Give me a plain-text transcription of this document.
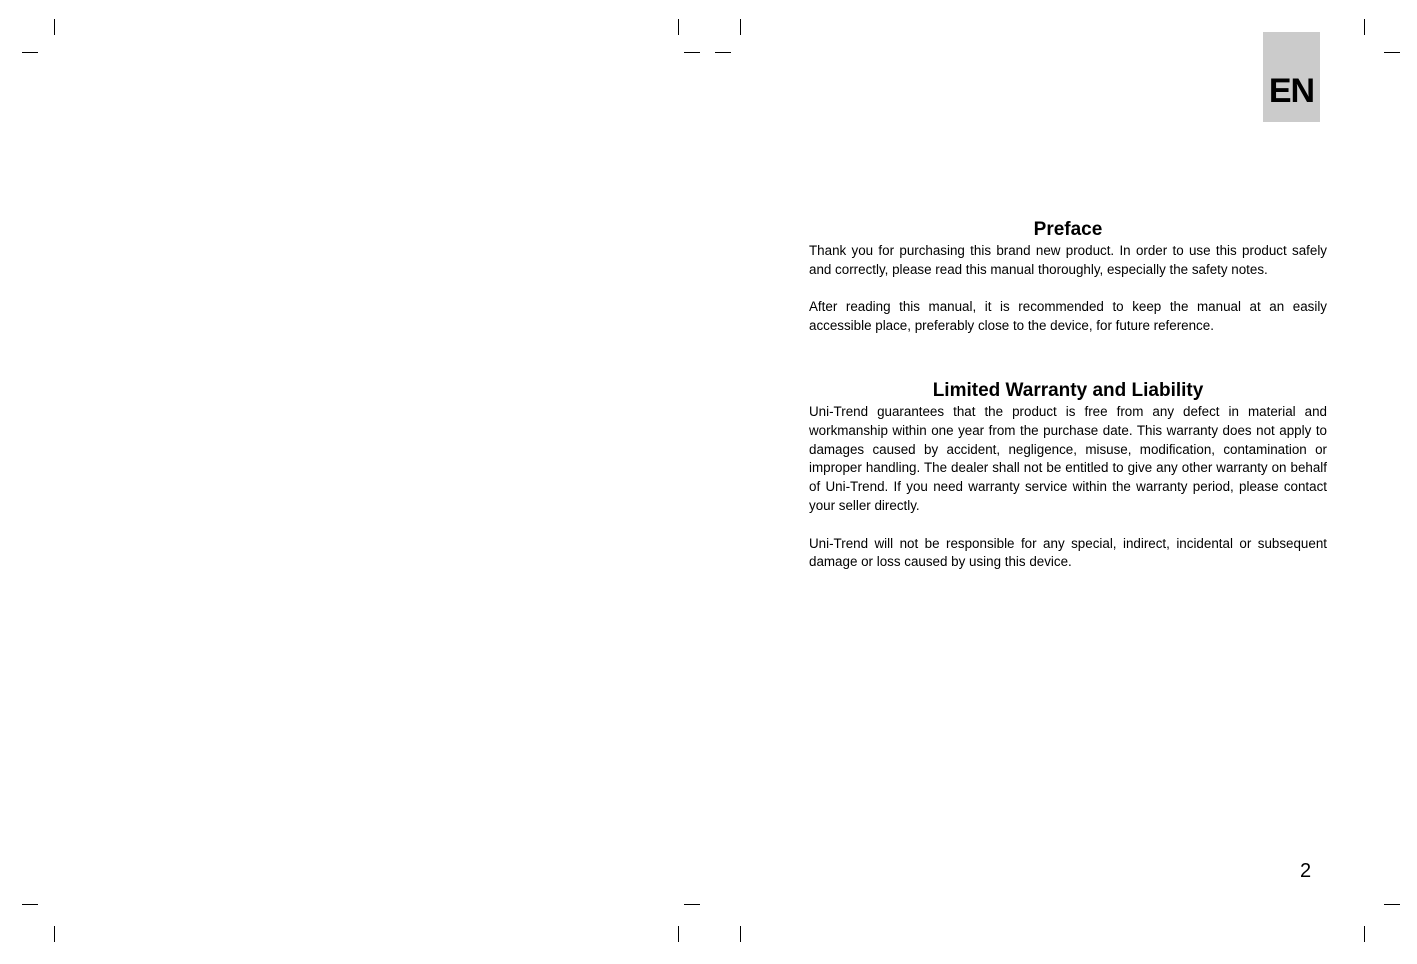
EN
Preface

Thank you for purchasing this brand new product. In order to use this product safely and correctly, please read this manual thoroughly, especially the safety notes.

After reading this manual, it is recommended to keep the manual at an easily accessible place, preferably close to the device, for future reference.

Limited Warranty and Liability

Uni-Trend guarantees that the product is free from any defect in material and workmanship within one year from the purchase date. This warranty does not apply to damages caused by accident, negligence, misuse, modification, contamination or improper handling. The dealer shall not be entitled to give any other warranty on behalf of Uni-Trend. If you need warranty service within the warranty period, please contact your seller directly.

Uni-Trend will not be responsible for any special, indirect, incidental or subsequent damage or loss caused by using this device.

2
